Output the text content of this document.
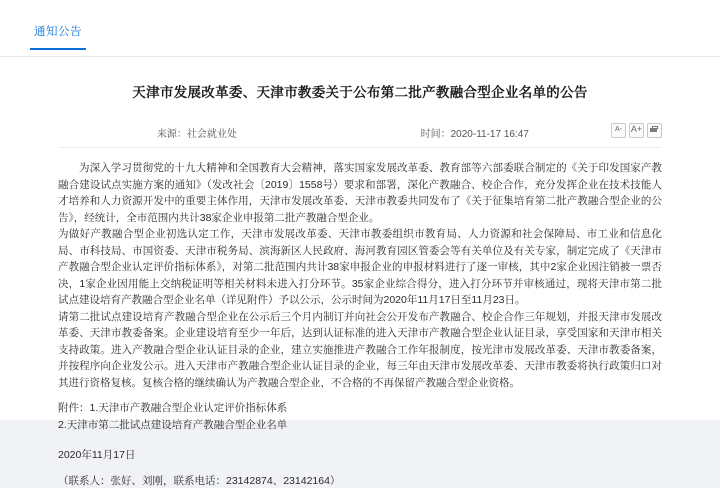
通知公告
天津市发展改革委、天津市教委关于公布第二批产教融合型企业名单的公告
来源：社会就业处	时间：2020-11-17 16:47	A- A+

为深入学习贯彻党的十九大精神和全国教育大会精神，落实国家发展改革委、教育部等六部委联合制定的《关于印发国家产教融合建设试点实施方案的通知》（发改社会〔2019〕1558号）要求和部署，深化产教融合、校企合作，充分发挥企业在技术技能人才培养和人力资源开发中的重要主体作用，天津市发展改革委、天津市教委共同发布了《关于征集培育第二批产教融合型企业的公告》，经统计，全市范围内共计38家企业申报第二批产教融合型企业。

为做好产教融合型企业初选认定工作，天津市发展改革委、天津市教委组织市教育局、人力资源和社会保障局、市工业和信息化局、市科技局、市国资委、天津市税务局、滨海新区人民政府、海河教育园区管委会等有关单位及有关专家，制定完成了《天津市产教融合型企业认定评价指标体系》，对第二批范围内共计38家申报企业的申报材料进行了逐一审核，其中2家企业因注销被一票否决，1家企业因用能上交纳税证明等相关材料未进入打分环节。35家企业综合得分，进入打分环节并审核通过，现将天津市第二批试点建设培育产教融合型企业名单（详见附件）予以公示，公示时间为2020年11月17日至11月23日。

请第二批试点建设培育产教融合型企业在公示后三个月内制订并向社会公开发布产教融合、校企合作三年规划，并报天津市发展改革委、天津市教委备案。企业建设培育至少一年后，达到认证标准的进入天津市产教融合型企业认证目录，享受国家和天津市相关支持政策。进入产教融合型企业认证目录的企业，建立实施推进产教融合工作年报制度，按光津市发展改革委、天津市教委备案，并按程序向企业发公示。进入天津市产教融合型企业认证目录的企业，每三年由天津市发展改革委、天津市教委将执行政策归口对其进行资格复核。复核合格的继续确认为产教融合型企业，不合格的不再保留产教融合型企业资格。

附件：1.天津市产教融合型企业认定评价指标体系
2.天津市第二批试点建设培育产教融合型企业名单
2020年11月17日
（联系人：张好、刘刚，联系电话：23142874、23142164）
